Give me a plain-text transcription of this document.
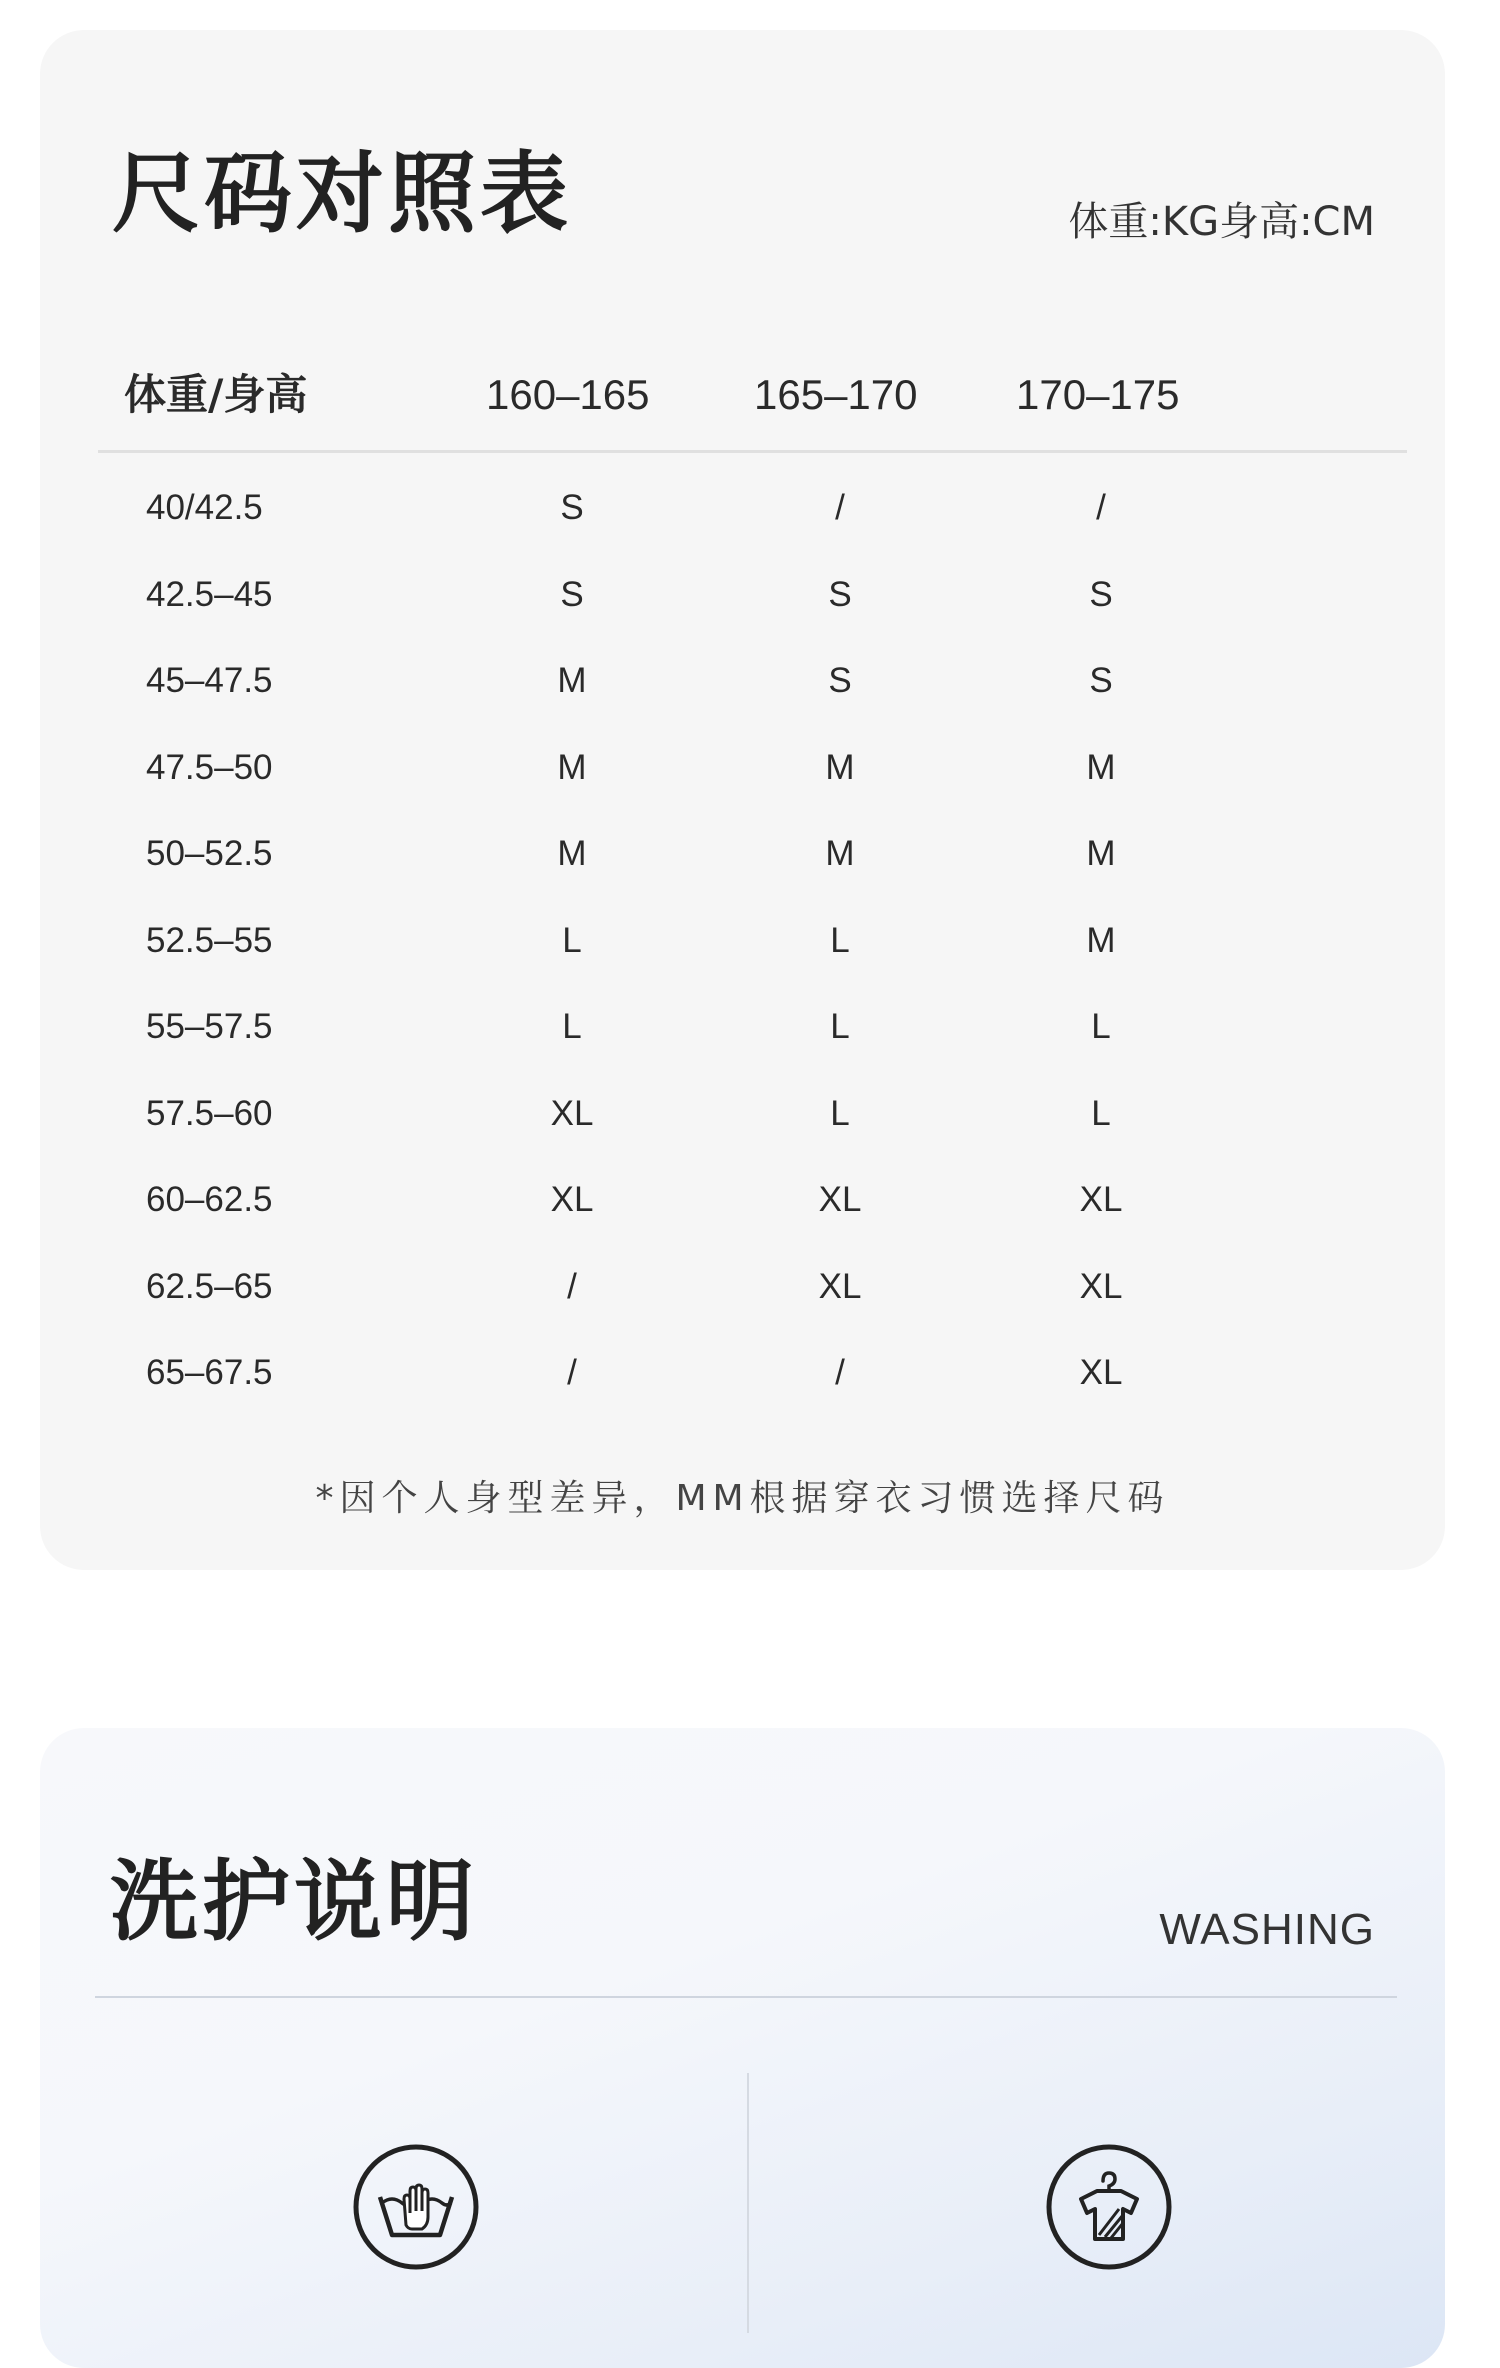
尺码对照表	体重:KG身高:CM
体重/身高	160–165 165–170 170–175
40/42.5	S	/	/
42.5–45	S	S	S
45–47.5	M	S	S
47.5–50	M	M	M
50–52.5	M	M	M
52.5–55	L	L	M
55–57.5	L	L	L
57.5–60	XL	L	L
60–62.5	XL	XL	XL
62.5–65	/	XL	XL
65–67.5	/	/	XL
*因个人身型差异，MM根据穿衣习惯选择尺码
洗护说明	WASHING
